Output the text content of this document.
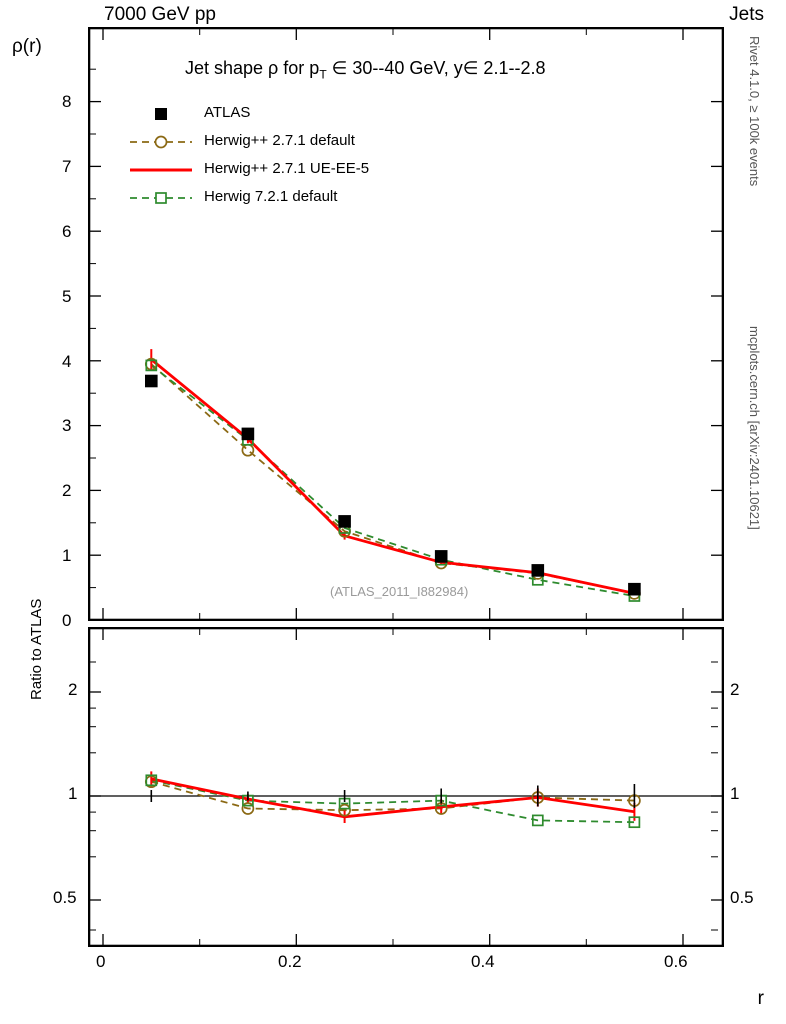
7000 GeV pp	Jets
Rivet 4.1.0, ≥ 100k events
mcplots.cern.ch [arXiv:2401.10621]
ρ(r)
0
1
2
3
4
5
6
7
8
Jet shape ρ for $p_T$ ∈ 30--40 GeV, y∈ 2.1--2.8
(ATLAS_2011_I882984)
ATLAS
Herwig++ 2.7.1 default
Herwig++ 2.7.1 UE-EE-5
Herwig 7.2.1 default
0.5
1
2
0.5
1
2
0	0.2	0.4	0.6
Ratio to ATLAS
r
